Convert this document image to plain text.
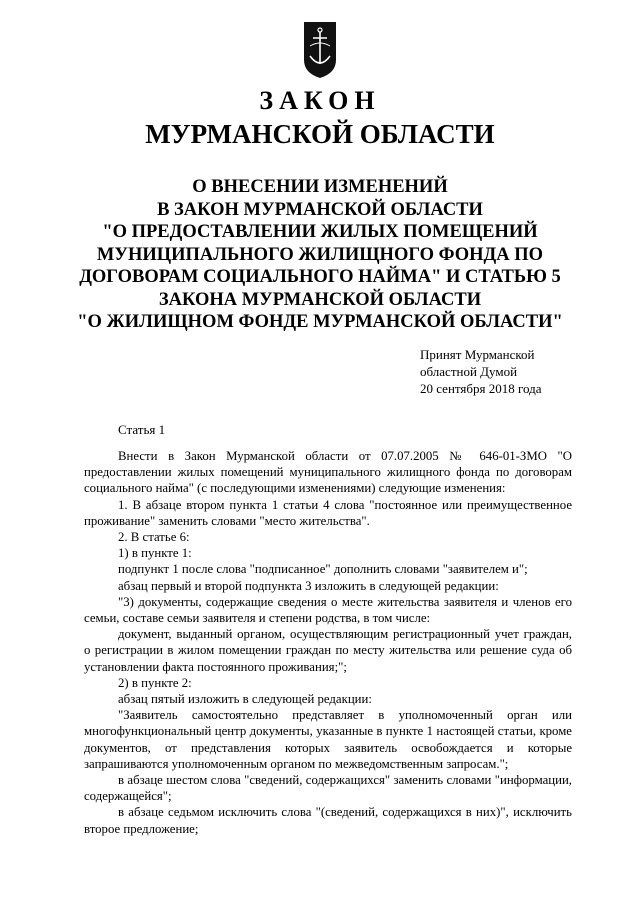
ЗАКОН
МУРМАНСКОЙ ОБЛАСТИ
О ВНЕСЕНИИ ИЗМЕНЕНИЙ
В ЗАКОН МУРМАНСКОЙ ОБЛАСТИ
"О ПРЕДОСТАВЛЕНИИ ЖИЛЫХ ПОМЕЩЕНИЙ
МУНИЦИПАЛЬНОГО ЖИЛИЩНОГО ФОНДА ПО
ДОГОВОРАМ СОЦИАЛЬНОГО НАЙМА" И СТАТЬЮ 5
ЗАКОНА МУРМАНСКОЙ ОБЛАСТИ
"О ЖИЛИЩНОМ ФОНДЕ МУРМАНСКОЙ ОБЛАСТИ"
Принят Мурманской
областной Думой
20 сентября 2018 года
Статья 1

Внести в Закон Мурманской области от 07.07.2005 № 646-01-ЗМО "О предоставлении жилых помещений муниципального жилищного фонда по договорам социального найма" (с последующими изменениями) следующие изменения:

1. В абзаце втором пункта 1 статьи 4 слова "постоянное или преимущественное проживание" заменить словами "место жительства".

2. В статье 6:

1) в пункте 1:

подпункт 1 после слова "подписанное" дополнить словами "заявителем и";

абзац первый и второй подпункта 3 изложить в следующей редакции:

"3) документы, содержащие сведения о месте жительства заявителя и членов его семьи, составе семьи заявителя и степени родства, в том числе:

документ, выданный органом, осуществляющим регистрационный учет граждан, о регистрации в жилом помещении граждан по месту жительства или решение суда об установлении факта постоянного проживания;";

2) в пункте 2:

абзац пятый изложить в следующей редакции:

"Заявитель самостоятельно представляет в уполномоченный орган или многофункциональный центр документы, указанные в пункте 1 настоящей статьи, кроме документов, от представления которых заявитель освобождается и которые запрашиваются уполномоченным органом по межведомственным запросам.";

в абзаце шестом слова "сведений, содержащихся" заменить словами "информации, содержащейся";

в абзаце седьмом исключить слова "(сведений, содержащихся в них)", исключить второе предложение;
